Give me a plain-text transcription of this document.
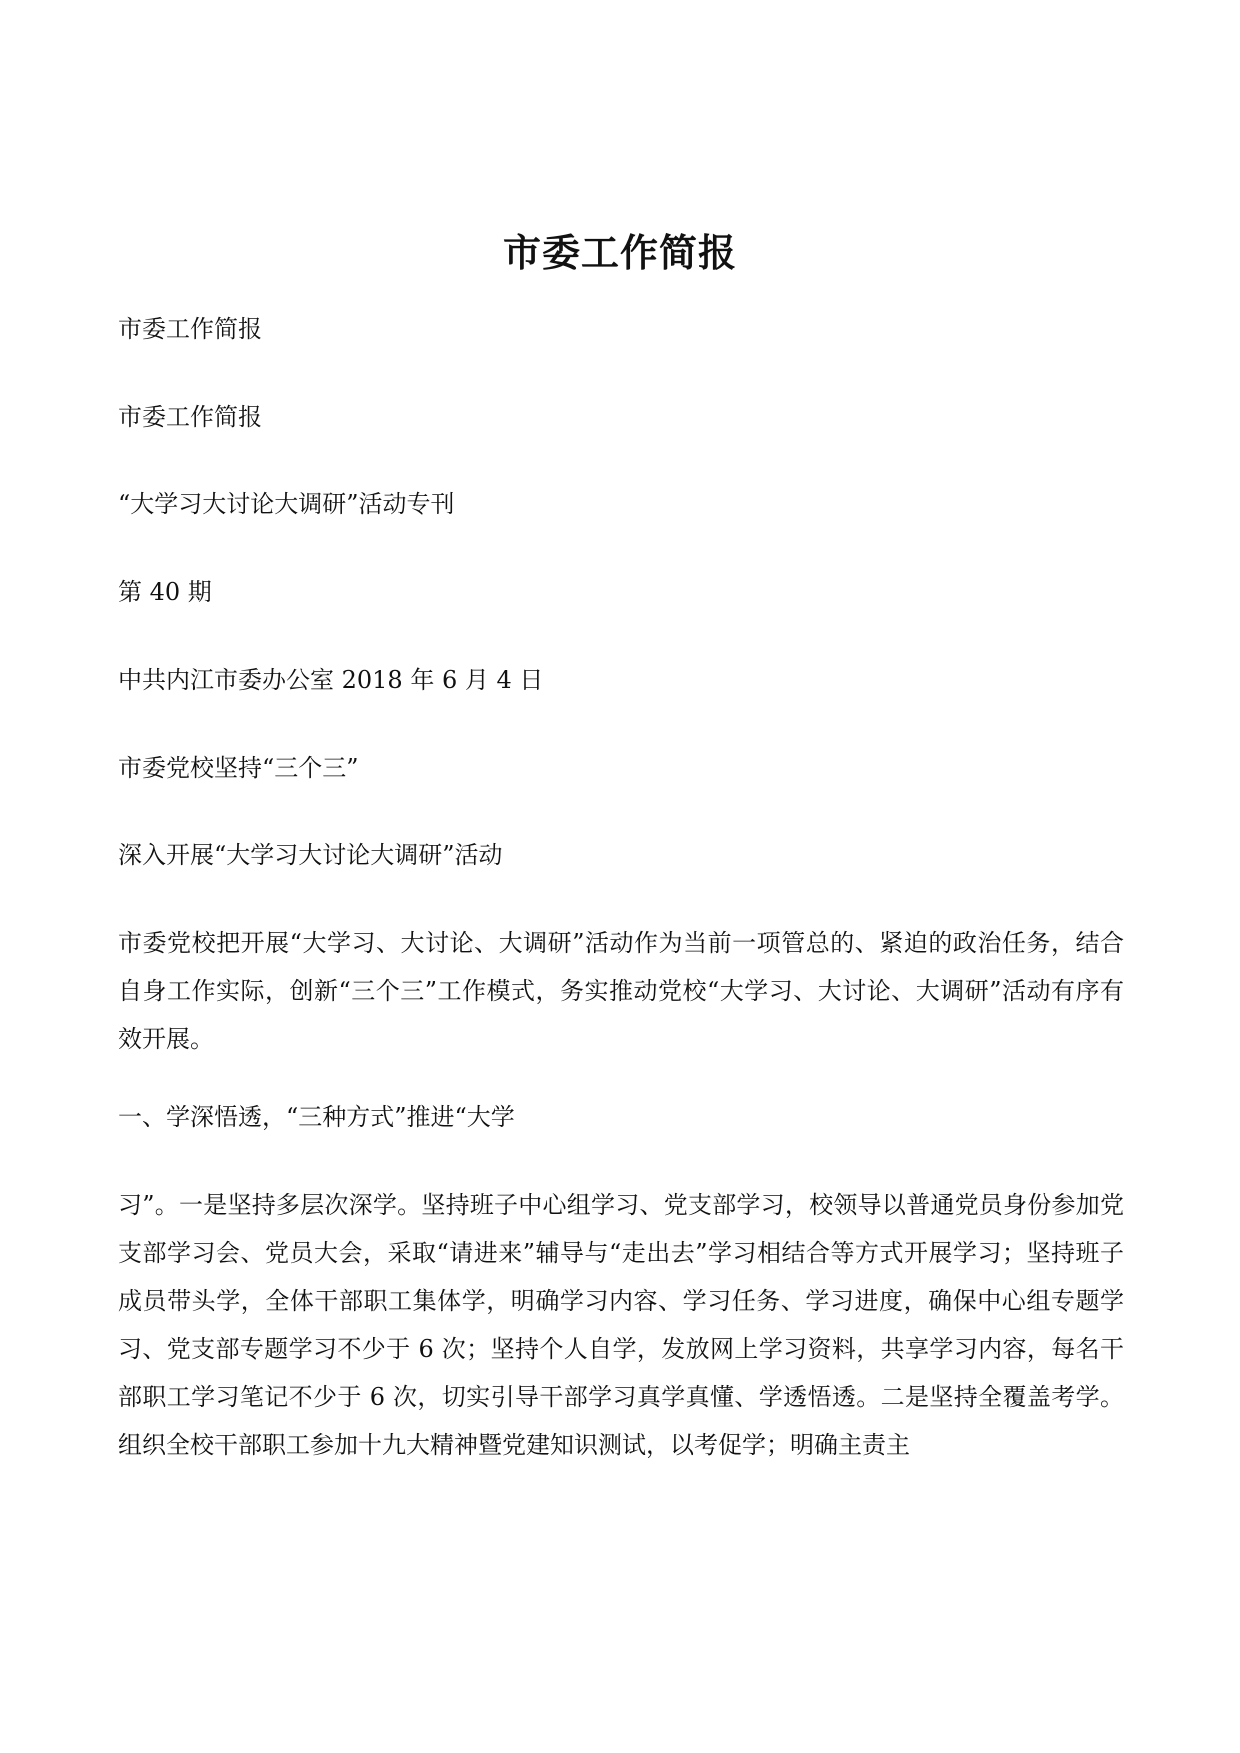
市委工作简报

市委工作简报

市委工作简报

“大学习大讨论大调研”活动专刊

第 40 期

中共内江市委办公室 2018 年 6 月 4 日

市委党校坚持“三个三”

深入开展“大学习大讨论大调研”活动

市委党校把开展“大学习、大讨论、大调研”活动作为当前一项管总的、紧迫的政治任务，结合自身工作实际，创新“三个三”工作模式，务实推动党校“大学习、大讨论、大调研”活动有序有效开展。

一、学深悟透，“三种方式”推进“大学

习”。一是坚持多层次深学。坚持班子中心组学习、党支部学习，校领导以普通党员身份参加党支部学习会、党员大会，采取“请进来”辅导与“走出去”学习相结合等方式开展学习；坚持班子成员带头学，全体干部职工集体学，明确学习内容、学习任务、学习进度，确保中心组专题学习、党支部专题学习不少于 6 次；坚持个人自学，发放网上学习资料，共享学习内容，每名干部职工学习笔记不少于 6 次，切实引导干部学习真学真懂、学透悟透。二是坚持全覆盖考学。组织全校干部职工参加十九大精神暨党建知识测试，以考促学；明确主责主
